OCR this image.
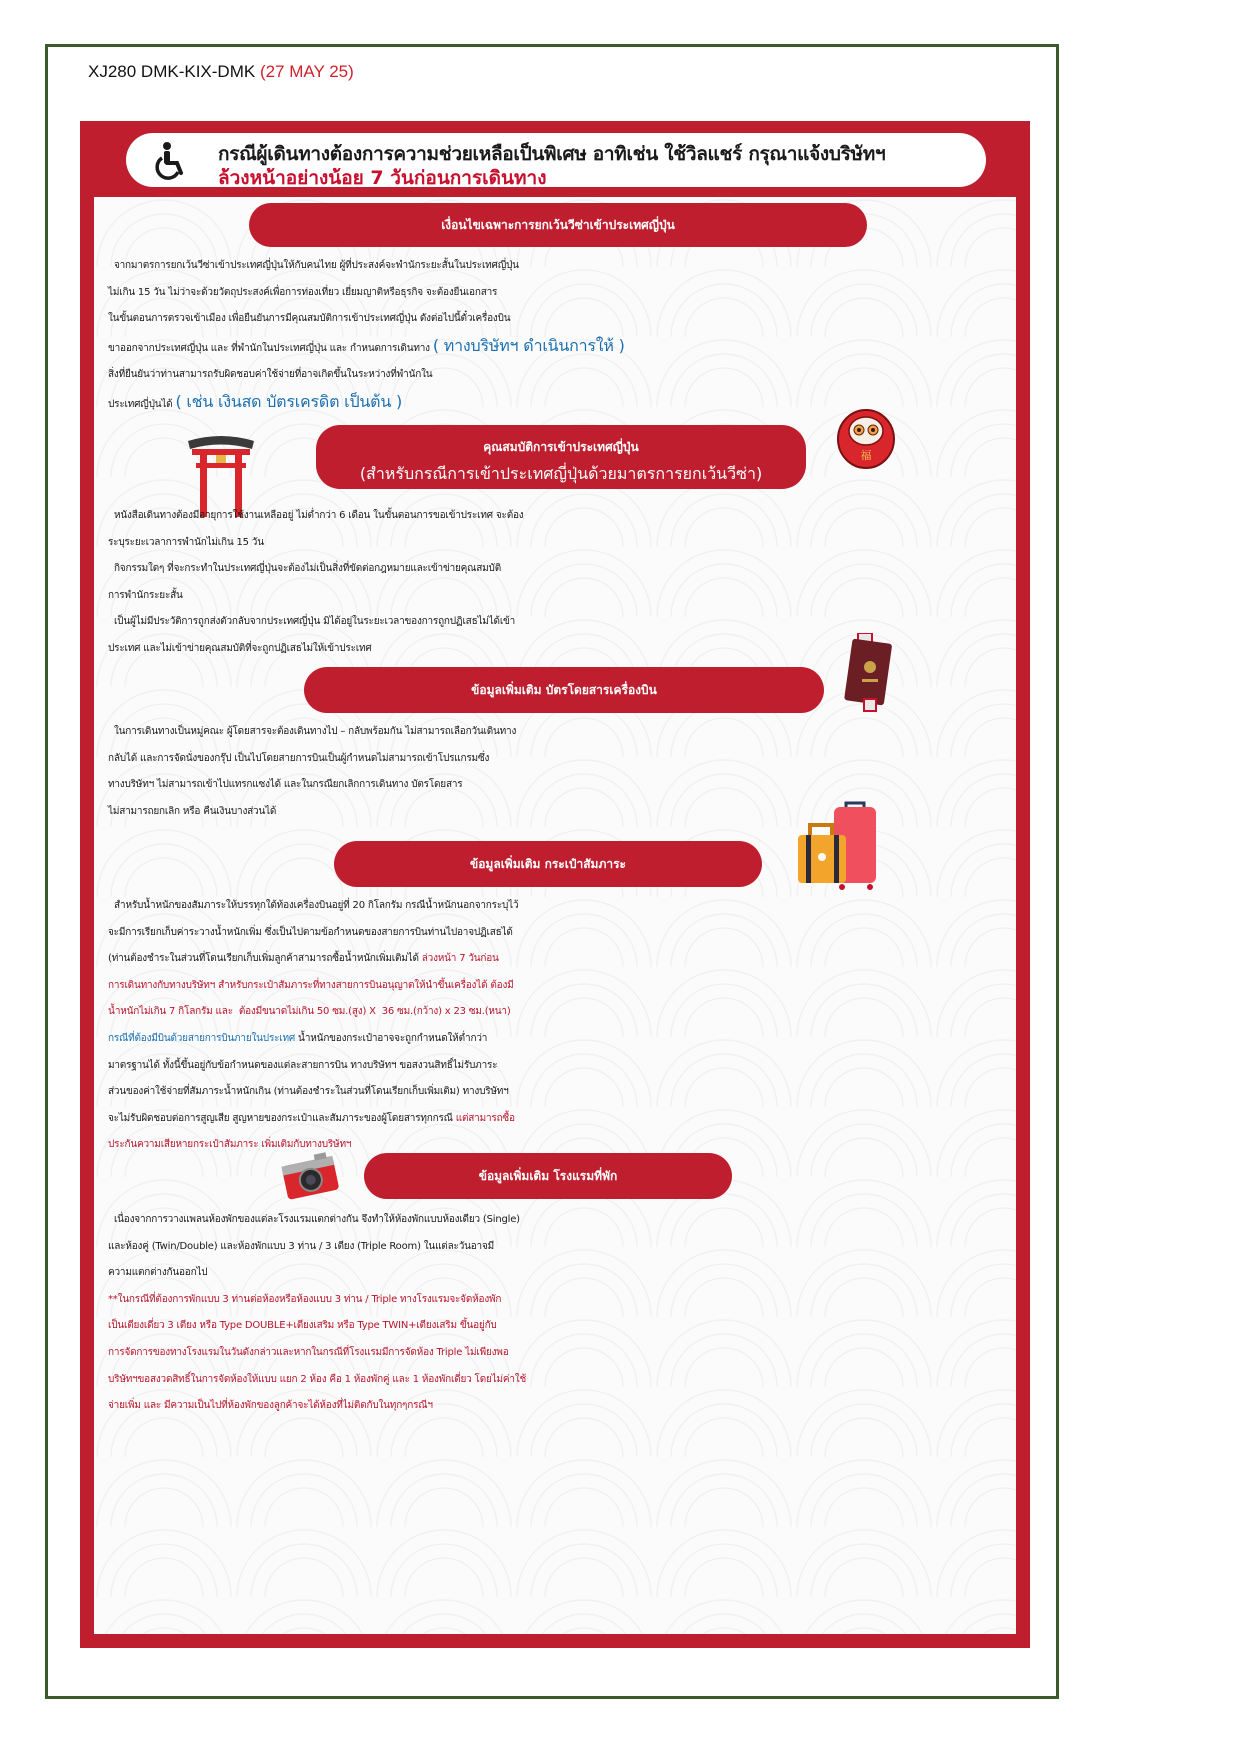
XJ280 DMK-KIX-DMK (27 MAY 25)
กรณีผู้เดินทางต้องการความช่วยเหลือเป็นพิเศษ อาทิเช่น ใช้วิลแชร์ กรุณาแจ้งบริษัทฯ
ล้วงหน้าอย่างน้อย 7 วันก่อนการเดินทาง
เงื่อนไขเฉพาะการยกเว้นวีซ่าเข้าประเทศญี่ปุ่น

จากมาตรการยกเว้นวีซ่าเข้าประเทศญี่ปุ่นให้กับคนไทย ผู้ที่ประสงค์จะพำนักระยะสั้นในประเทศญี่ปุ่น

ไม่เกิน 15 วัน ไม่ว่าจะด้วยวัตถุประสงค์เพื่อการท่องเที่ยว เยี่ยมญาติหรือธุรกิจ จะต้องยืนเอกสาร

ในขั้นตอนการตรวจเข้าเมือง เพื่อยืนยันการมีคุณสมบัติการเข้าประเทศญี่ปุ่น ดังต่อไปนี้ตั๋วเครื่องบิน

ขาออกจากประเทศญี่ปุ่น และ ที่พำนักในประเทศญี่ปุ่น และ กำหนดการเดินทาง ( ทางบริษัทฯ ดำเนินการให้ )

สิ่งที่ยืนยันว่าท่านสามารถรับผิดชอบค่าใช้จ่ายที่อาจเกิดขึ้นในระหว่างที่พำนักใน

ประเทศญี่ปุ่นได้ ( เช่น เงินสด บัตรเครดิต เป็นต้น )

福
คุณสมบัติการเข้าประเทศญี่ปุ่น
(สำหรับกรณีการเข้าประเทศญี่ปุ่นด้วยมาตรการยกเว้นวีซ่า)

หนังสือเดินทางต้องมีอายุการใช้งานเหลืออยู่ ไม่ต่ำกว่า 6 เดือน ในขั้นตอนการขอเข้าประเทศ จะต้อง

ระบุระยะเวลาการพำนักไม่เกิน 15 วัน

กิจกรรมใดๆ ที่จะกระทำในประเทศญี่ปุ่นจะต้องไม่เป็นสิ่งที่ขัดต่อกฎหมายและเข้าข่ายคุณสมบัติ

การพำนักระยะสั้น

เป็นผู้ไม่มีประวัติการถูกส่งตัวกลับจากประเทศญี่ปุ่น มิได้อยู่ในระยะเวลาของการถูกปฏิเสธไม่ได้เข้า

ประเทศ และไม่เข้าข่ายคุณสมบัติที่จะถูกปฏิเสธไม่ให้เข้าประเทศ

ข้อมูลเพิ่มเติม บัตรโดยสารเครื่องบิน

ในการเดินทางเป็นหมู่คณะ ผู้โดยสารจะต้องเดินทางไป – กลับพร้อมกัน ไม่สามารถเลือกวันเดินทาง

กลับได้ และการจัดนั่งของกรุ๊ป เป็นไปโดยสายการบินเป็นผู้กำหนดไม่สามารถเข้าโปรแกรมซึ่ง

ทางบริษัทฯ ไม่สามารถเข้าไปแทรกแซงได้ และในกรณียกเลิกการเดินทาง บัตรโดยสาร

ไม่สามารถยกเลิก หรือ คืนเงินบางส่วนได้

ข้อมูลเพิ่มเติม กระเป๋าสัมภาระ

สำหรับน้ำหนักของสัมภาระให้บรรทุกใต้ท้องเครื่องบินอยู่ที่ 20 กิโลกรัม กรณีน้ำหนักนอกจากระบุไว้

จะมีการเรียกเก็บค่าระวางน้ำหนักเพิ่ม ซึ่งเป็นไปตามข้อกำหนดของสายการบินท่านไปอาจปฏิเสธได้

(ท่านต้องชำระในส่วนที่โดนเรียกเก็บเพิ่มลูกค้าสามารถซื้อน้ำหนักเพิ่มเติมได้ ล่วงหน้า 7 วันก่อน

การเดินทางกับทางบริษัทฯ สำหรับกระเป๋าสัมภาระที่ทางสายการบินอนุญาตให้นำขึ้นเครื่องได้ ต้องมี

น้ำหนักไม่เกิน 7 กิโลกรัม และ  ต้องมีขนาดไม่เกิน 50 ซม.(สูง) X  36 ซม.(กว้าง) x 23 ซม.(หนา)

กรณีที่ต้องมีบินด้วยสายการบินภายในประเทศ น้ำหนักของกระเป๋าอาจจะถูกกำหนดให้ต่ำกว่า

มาตรฐานได้ ทั้งนี้ขึ้นอยู่กับข้อกำหนดของแต่ละสายการบิน ทางบริษัทฯ ขอสงวนสิทธิ์ไม่รับภาระ

ส่วนของค่าใช้จ่ายที่สัมภาระน้ำหนักเกิน (ท่านต้องชำระในส่วนที่โดนเรียกเก็บเพิ่มเติม) ทางบริษัทฯ

จะไม่รับผิดชอบต่อการสูญเสีย สูญหายของกระเป๋าและสัมภาระของผู้โดยสารทุกกรณี แต่สามารถซื้อ

ประกันความเสียหายกระเป๋าสัมภาระ เพิ่มเติมกับทางบริษัทฯ

ข้อมูลเพิ่มเติม โรงแรมที่พัก

เนื่องจากการวางแพลนห้องพักของแต่ละโรงแรมแตกต่างกัน จึงทำให้ห้องพักแบบห้องเดียว (Single)

และห้องคู่ (Twin/Double) และห้องพักแบบ 3 ท่าน / 3 เตียง (Triple Room) ในแต่ละวันอาจมี

ความแตกต่างกันออกไป

**ในกรณีที่ต้องการพักแบบ 3 ท่านต่อห้องหรือห้องแบบ 3 ท่าน / Triple ทางโรงแรมจะจัดห้องพัก

เป็นเตียงเดี่ยว 3 เตียง หรือ Type DOUBLE+เตียงเสริม หรือ Type TWIN+เตียงเสริม ขึ้นอยู่กับ

การจัดการของทางโรงแรมในวันดังกล่าวและหากในกรณีที่โรงแรมมีการจัดห้อง Triple ไม่เพียงพอ

บริษัทฯขอสงวดสิทธิ์ในการจัดห้องให้แบบ แยก 2 ห้อง คือ 1 ห้องพักคู่ และ 1 ห้องพักเดี่ยว โดยไม่ค่าใช้

จ่ายเพิ่ม และ มีความเป็นไปที่ห้องพักของลูกค้าจะได้ห้องที่ไม่ติดกับในทุกๆกรณีฯ
